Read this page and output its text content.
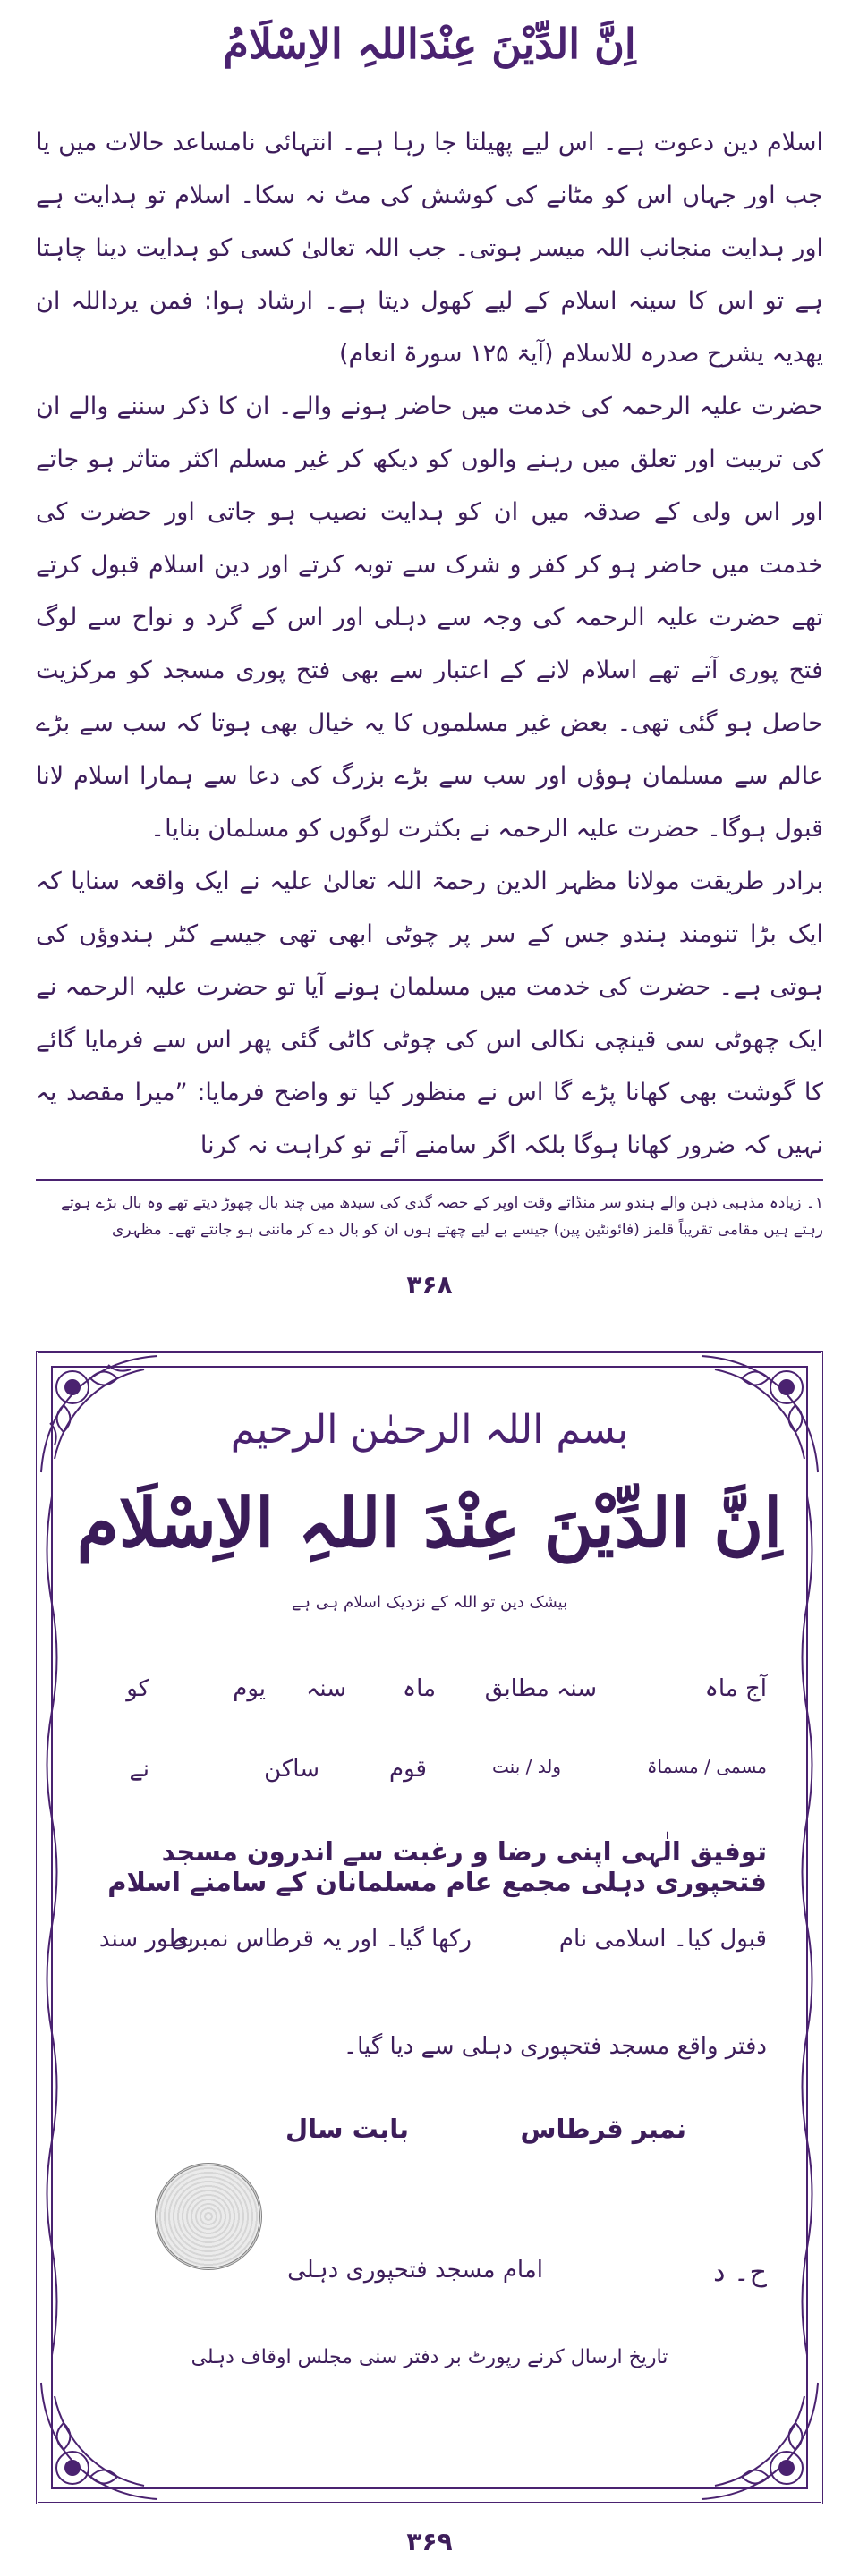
اِنَّ الدِّیْنَ عِنْدَاللہِ الاِسْلَامُ

اسلام دین دعوت ہے۔ اس لیے پھیلتا جا رہا ہے۔ انتہائی نامساعد حالات میں یا جب اور جہاں اس کو مٹانے کی کوشش کی مٹ نہ سکا۔ اسلام تو ہدایت ہے اور ہدایت منجانب اللہ میسر ہوتی۔ جب اللہ تعالیٰ کسی کو ہدایت دینا چاہتا ہے تو اس کا سینہ اسلام کے لیے کھول دیتا ہے۔ ارشاد ہوا: فمن یرداللہ ان یھدیہ یشرح صدرہ للاسلام (آیۃ ۱۲۵ سورۃ انعام)

حضرت علیہ الرحمہ کی خدمت میں حاضر ہونے والے۔ ان کا ذکر سننے والے ان کی تربیت اور تعلق میں رہنے والوں کو دیکھ کر غیر مسلم اکثر متاثر ہو جاتے اور اس ولی کے صدقہ میں ان کو ہدایت نصیب ہو جاتی اور حضرت کی خدمت میں حاضر ہو کر کفر و شرک سے توبہ کرتے اور دین اسلام قبول کرتے تھے حضرت علیہ الرحمہ کی وجہ سے دہلی اور اس کے گرد و نواح سے لوگ فتح پوری آتے تھے اسلام لانے کے اعتبار سے بھی فتح پوری مسجد کو مرکزیت حاصل ہو گئی تھی۔ بعض غیر مسلموں کا یہ خیال بھی ہوتا کہ سب سے بڑے عالم سے مسلمان ہوؤں اور سب سے بڑے بزرگ کی دعا سے ہمارا اسلام لانا قبول ہوگا۔ حضرت علیہ الرحمہ نے بکثرت لوگوں کو مسلمان بنایا۔

برادر طریقت مولانا مظہر الدین رحمۃ اللہ تعالیٰ علیہ نے ایک واقعہ سنایا کہ ایک بڑا تنومند ہندو جس کے سر پر چوٹی ابھی تھی جیسے کٹر ہندوؤں کی ہوتی ہے۔ حضرت کی خدمت میں مسلمان ہونے آیا تو حضرت علیہ الرحمہ نے ایک چھوٹی سی قینچی نکالی اس کی چوٹی کاٹی گئی پھر اس سے فرمایا گائے کا گوشت بھی کھانا پڑے گا اس نے منظور کیا تو واضح فرمایا: ”میرا مقصد یہ نہیں کہ ضرور کھانا ہوگا بلکہ اگر سامنے آئے تو کراہت نہ کرنا

۱۔ زیادہ مذہبی ذہن والے ہندو سر منڈاتے وقت اوپر کے حصہ گدی کی سیدھ میں چند بال چھوڑ دیتے تھے وہ بال بڑے ہوتے رہتے ہیں مقامی تقریباً قلمز (فائونٹین پین) جیسے بے لیے چھتے ہوں ان کو بال دے کر ماننی ہو جانتے تھے۔ مظہری
۳۶۸
بسم اللہ الرحمٰن الرحیم
اِنَّ الدِّیْنَ عِنْدَ اللہِ الاِسْلَام
بیشک دین تو اللہ کے نزدیک اسلام ہی ہے
آج ماہ
سنہ مطابق
ماہ
سنہ
یوم
کو
مسمی / مسماۃ
ولد / بنت
قوم
ساکن
نے
توفیق الٰہی اپنی رضا و رغبت سے اندرون مسجد فتحپوری دہلی مجمع عام مسلمانان کے سامنے اسلام
قبول کیا۔ اسلامی نام
رکھا گیا۔ اور یہ قرطاس نمبری
بطور سند
دفتر واقع مسجد فتحپوری دہلی سے دیا گیا۔
نمبر قرطاس
بابت سال
ح۔ د
امام مسجد فتحپوری دہلی
تاریخ ارسال کرنے رپورٹ بر دفتر سنی مجلس اوقاف دہلی
۳۶۹
